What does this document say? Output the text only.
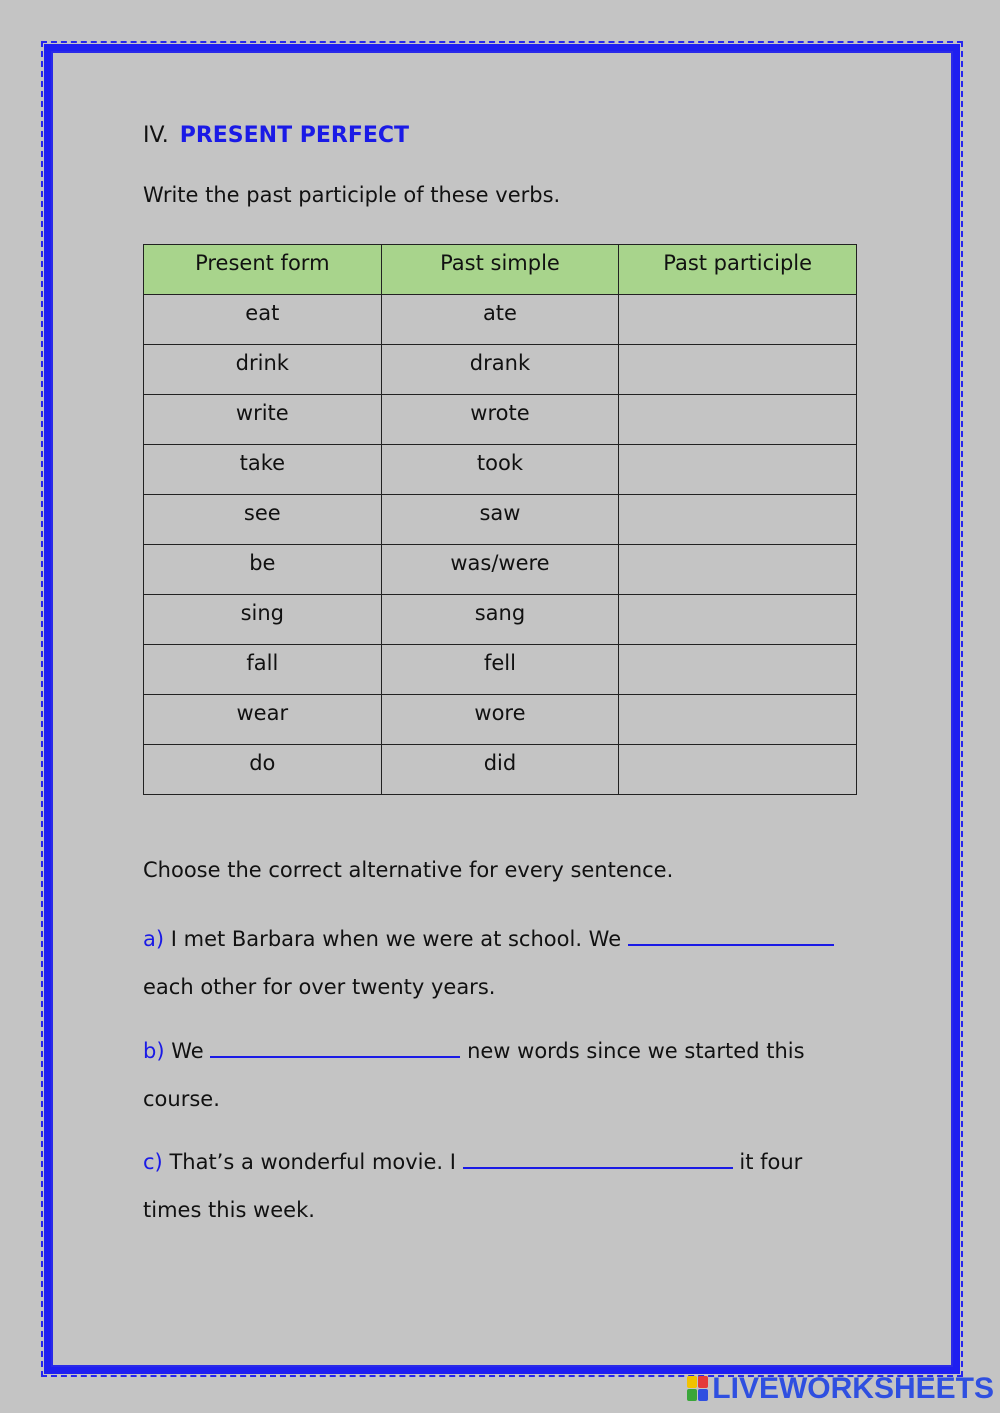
IV. PRESENT PERFECT

Write the past participle of these verbs.

Present form	Past simple	Past participle
eat	ate	
drink	drank	
write	wrote	
take	took	
see	saw	
be	was/were	
sing	sang	
fall	fell	
wear	wore	
do	did	

Choose the correct alternative for every sentence.

a) I met Barbara when we were at school. We

each other for over twenty years.

b) We	new words since we started this

course.

c) That’s a wonderful movie. I	it four

times this week.

LIVEWORKSHEETS
